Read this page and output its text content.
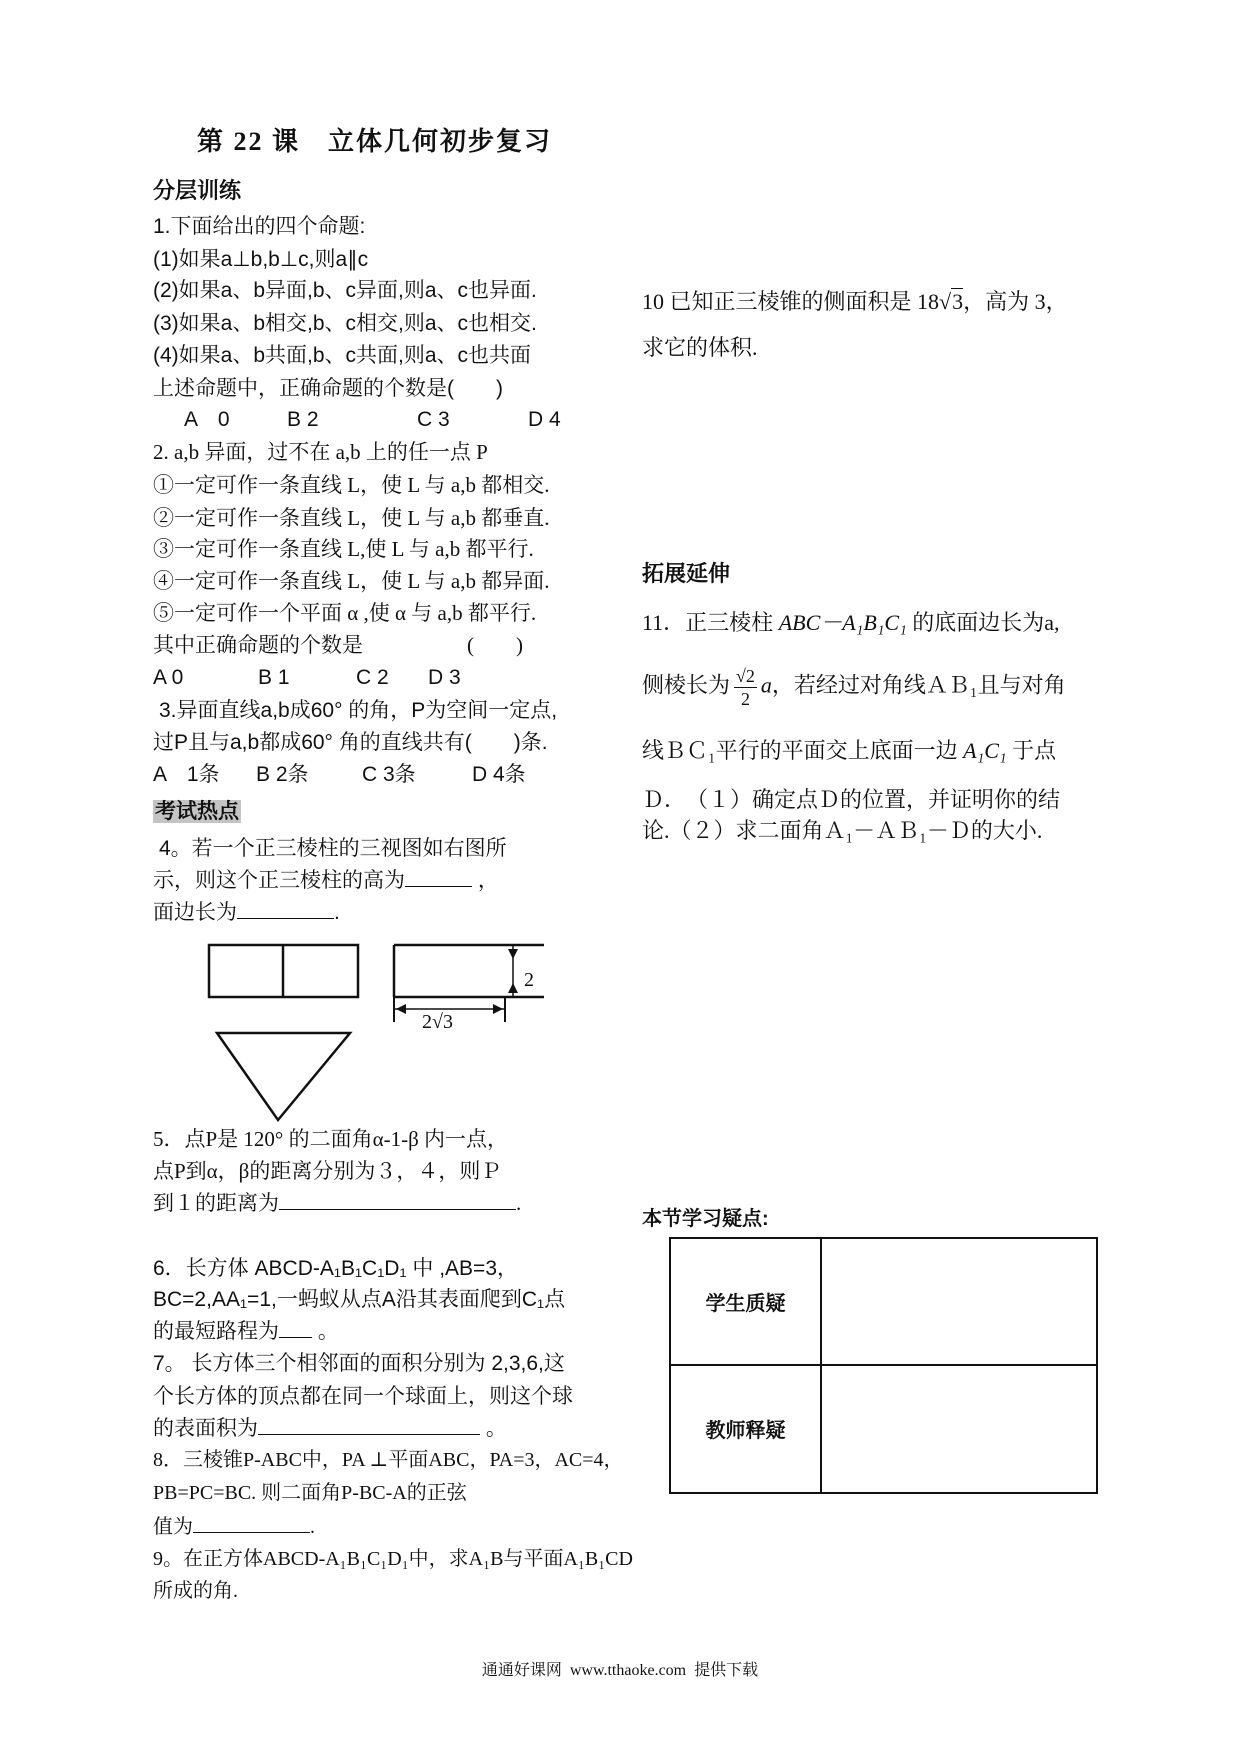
第 22 课　立体几何初步复习
分层训练
1.下面给出的四个命题:
(1)如果a⊥b,b⊥c,则a∥c
(2)如果a、b异面,b、c异面,则a、c也异面.
(3)如果a、b相交,b、c相交,则a、c也相交.
(4)如果a、b共面,b、c共面,则a、c也共面
上述命题中，正确命题的个数是(　　)
A　0	B 2	C 3	D 4
2. a,b 异面，过不在 a,b 上的任一点 P
①一定可作一条直线 L，使 L 与 a,b 都相交.
②一定可作一条直线 L，使 L 与 a,b 都垂直.
③一定可作一条直线 L,使 L 与 a,b 都平行.
④一定可作一条直线 L，使 L 与 a,b 都异面.
⑤一定可作一个平面 α ,使 α 与 a,b 都平行.
其中正确命题的个数是	(　　)
A 0	B 1	C 2 D 3
3.异面直线a,b成60° 的角，P为空间一定点,
过P且与a,b都成60° 角的直线共有(　　)条.
A　1条 B 2条	C 3条	D 4条
考试热点
4。若一个正三棱柱的三视图如右图所
示，则这个正三棱柱的高为	，
面边长为	.
2
2√3
5．点P是 120° 的二面角α-1-β 内一点，
点P到α，β的距离分别为３，４，则Ｐ
到１的距离为	.
6．长方体 ABCD-A₁B₁C₁D₁ 中 ,AB=3，
BC=2,AA₁=1,一蚂蚁从点A沿其表面爬到C₁点
的最短路程为 。
7。 长方体三个相邻面的面积分别为 2,3,6,这
个长方体的顶点都在同一个球面上，则这个球
的表面积为	。
8．三棱锥P-ABC中，PA ⊥平面ABC，PA=3，AC=4，
PB=PC=BC. 则二面角P-BC-A的正弦
值为	.
9。在正方体ABCD-A₁B₁C₁D₁中，求A₁B与平面A₁B₁CD
所成的角.
10 已知正三棱锥的侧面积是 18√3，高为 3，
求它的体积.
拓展延伸
11．正三棱柱 ABC－A₁B₁C₁ 的底面边长为a,
侧棱长为 $\frac{√2}{2}$ a，若经过对角线ＡＢ₁且与对角
线ＢＣ₁平行的平面交上底面一边 A₁C₁ 于点
Ｄ．　（１）确定点Ｄ的位置，并证明你的结
论.（２）求二面角Ａ₁－ＡＢ₁－Ｄ的大小.
本节学习疑点:
学生质疑
教师释疑
通通好课网  www.tthaoke.com  提供下载
